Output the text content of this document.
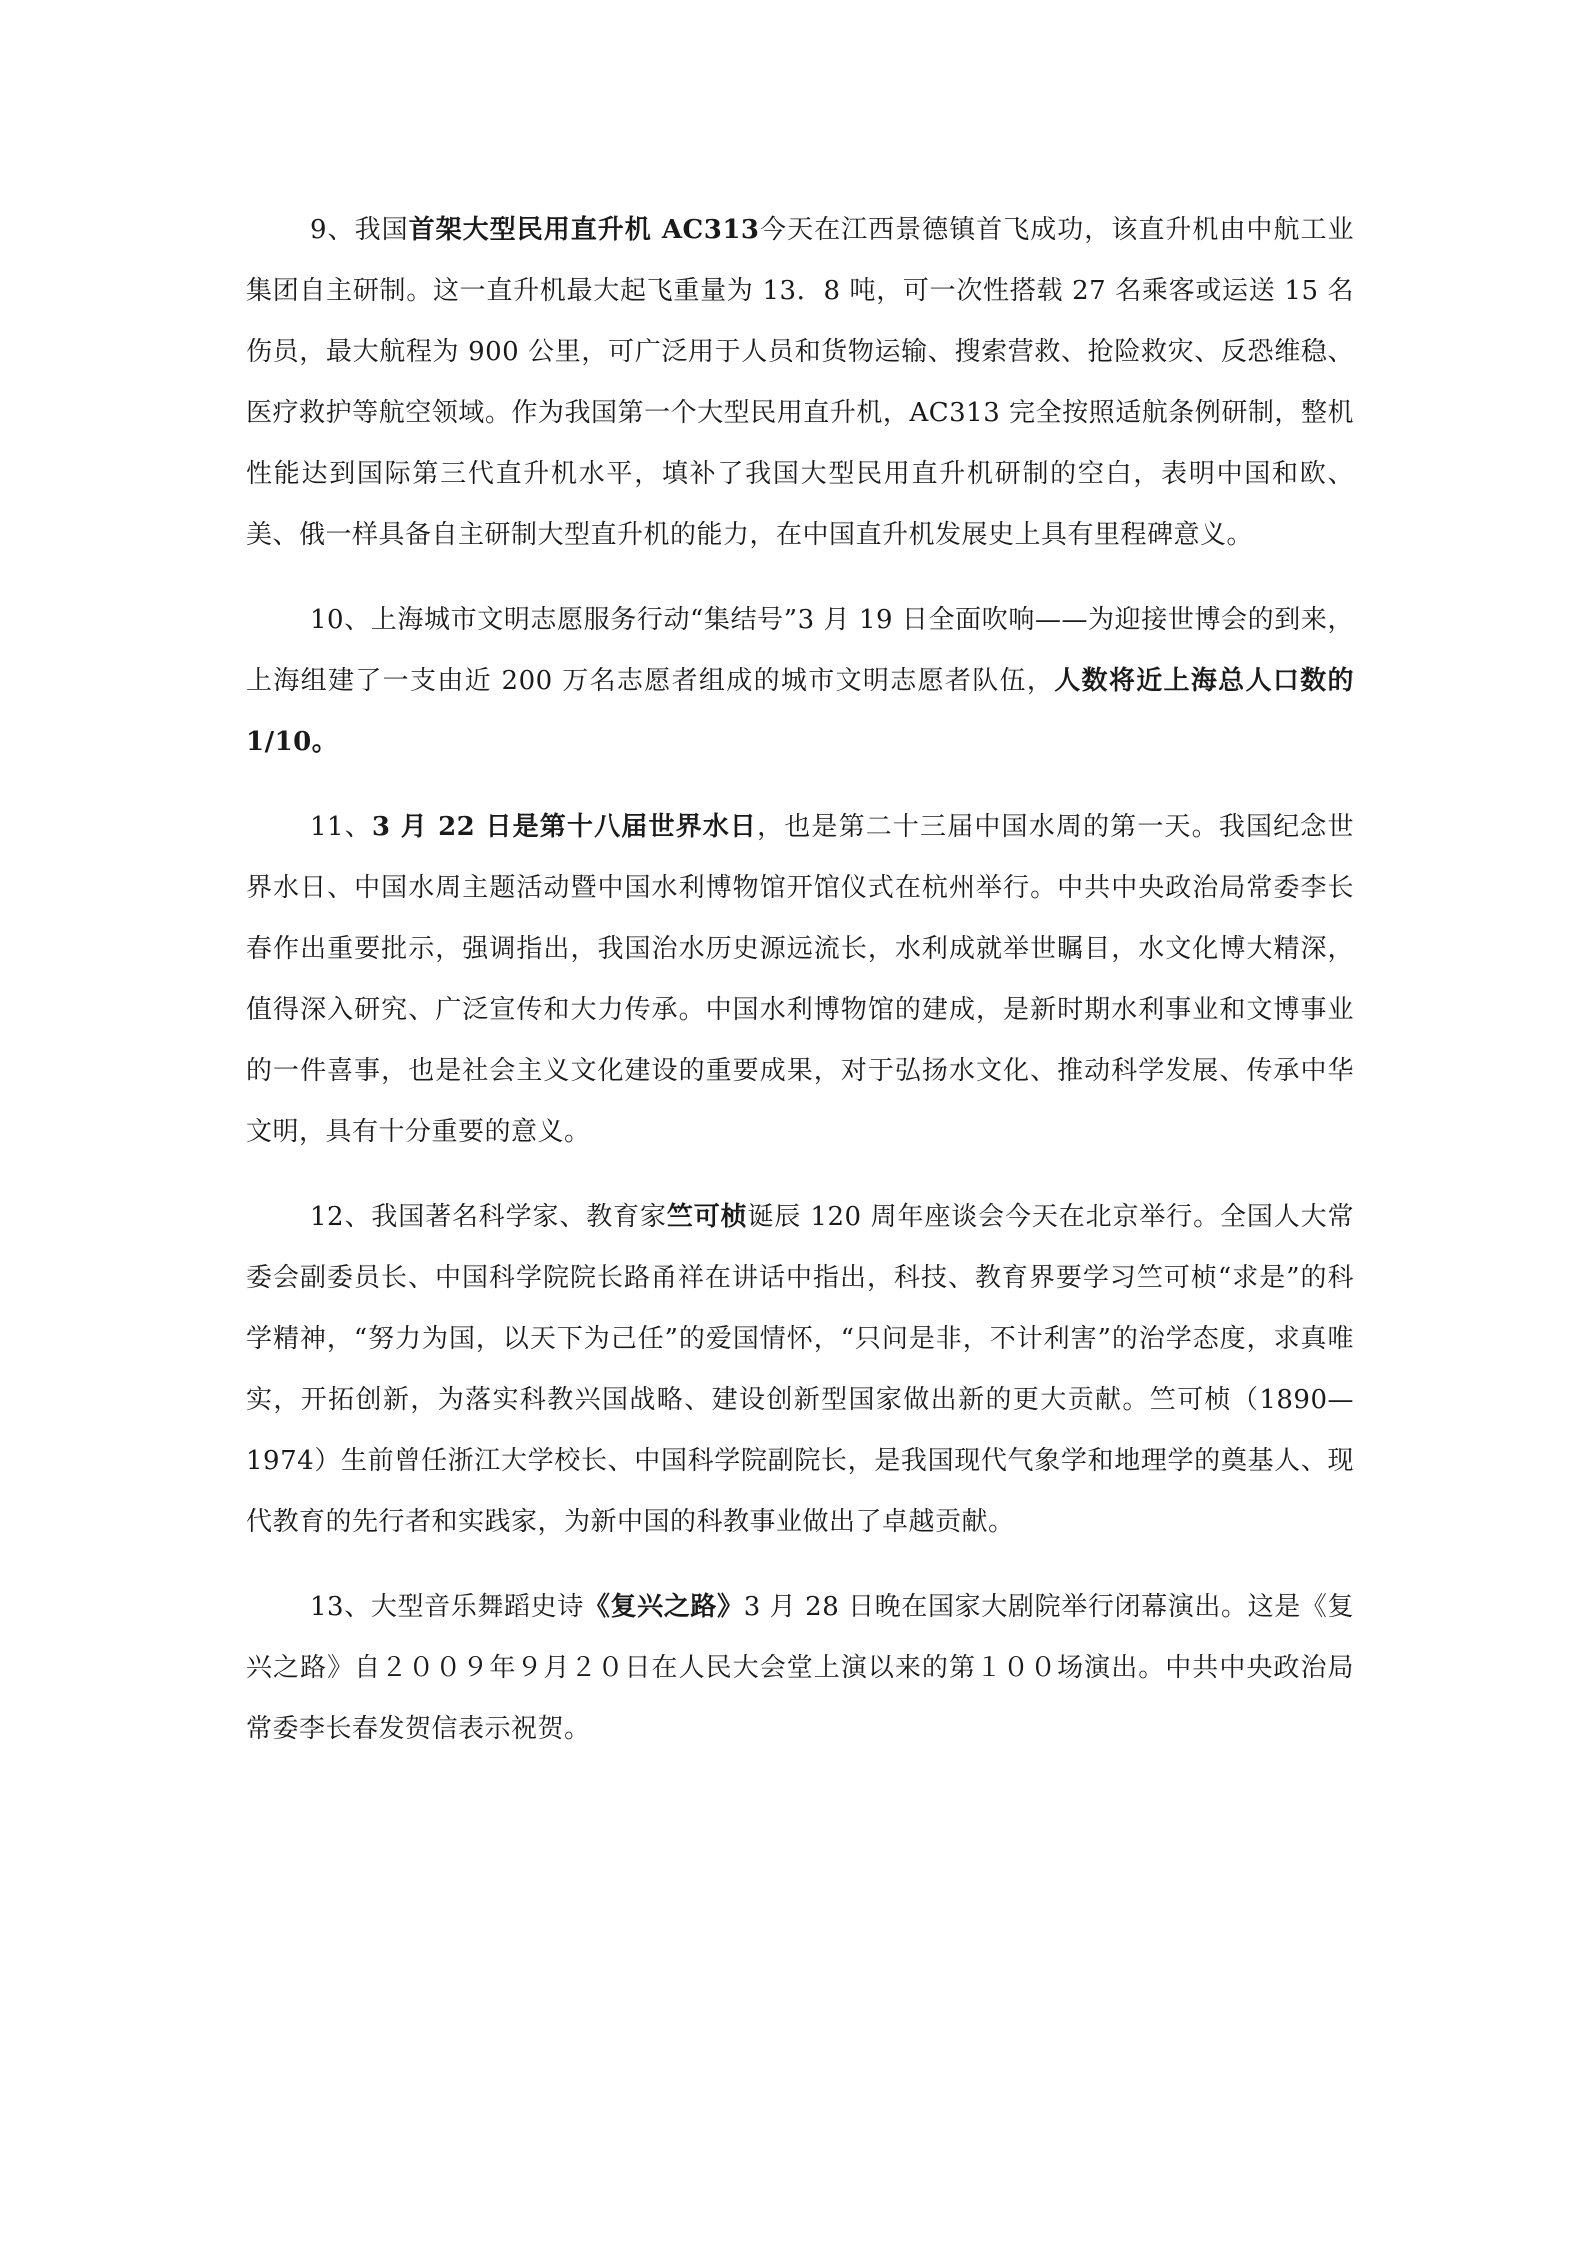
9、我国首架大型民用直升机 AC313今天在江西景德镇首飞成功，该直升机由中航工业集团自主研制。这一直升机最大起飞重量为 13．8 吨，可一次性搭载 27 名乘客或运送 15 名伤员，最大航程为 900 公里，可广泛用于人员和货物运输、搜索营救、抢险救灾、反恐维稳、医疗救护等航空领域。作为我国第一个大型民用直升机，AC313 完全按照适航条例研制，整机性能达到国际第三代直升机水平，填补了我国大型民用直升机研制的空白，表明中国和欧、美、俄一样具备自主研制大型直升机的能力，在中国直升机发展史上具有里程碑意义。

10、上海城市文明志愿服务行动“集结号”3 月 19 日全面吹响——为迎接世博会的到来，上海组建了一支由近 200 万名志愿者组成的城市文明志愿者队伍，人数将近上海总人口数的 1/10。

11、3 月 22 日是第十八届世界水日，也是第二十三届中国水周的第一天。我国纪念世界水日、中国水周主题活动暨中国水利博物馆开馆仪式在杭州举行。中共中央政治局常委李长春作出重要批示，强调指出，我国治水历史源远流长，水利成就举世瞩目，水文化博大精深，值得深入研究、广泛宣传和大力传承。中国水利博物馆的建成，是新时期水利事业和文博事业的一件喜事，也是社会主义文化建设的重要成果，对于弘扬水文化、推动科学发展、传承中华文明，具有十分重要的意义。

12、我国著名科学家、教育家竺可桢诞辰 120 周年座谈会今天在北京举行。全国人大常委会副委员长、中国科学院院长路甬祥在讲话中指出，科技、教育界要学习竺可桢“求是”的科学精神，“努力为国，以天下为己任”的爱国情怀，“只问是非，不计利害”的治学态度，求真唯实，开拓创新，为落实科教兴国战略、建设创新型国家做出新的更大贡献。竺可桢（1890—1974）生前曾任浙江大学校长、中国科学院副院长，是我国现代气象学和地理学的奠基人、现代教育的先行者和实践家，为新中国的科教事业做出了卓越贡献。

13、大型音乐舞蹈史诗《复兴之路》3 月 28 日晚在国家大剧院举行闭幕演出。这是《复兴之路》自２００９年９月２０日在人民大会堂上演以来的第１００场演出。中共中央政治局常委李长春发贺信表示祝贺。
